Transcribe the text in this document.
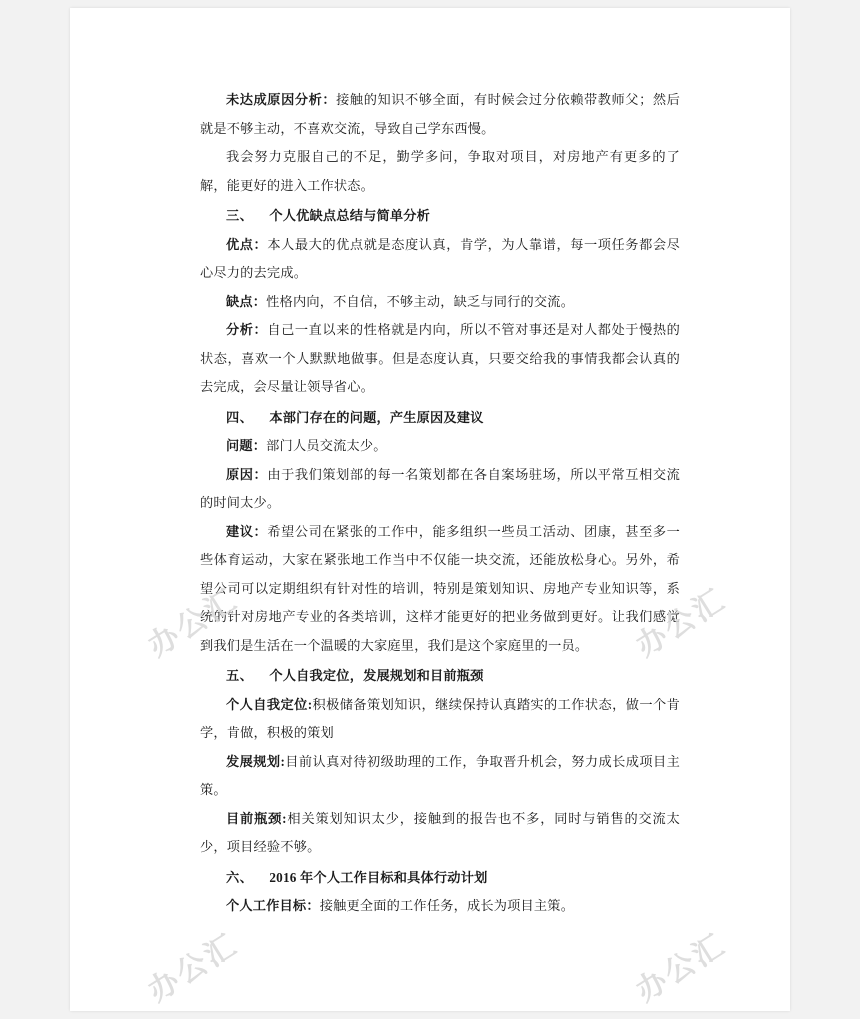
未达成原因分析：接触的知识不够全面，有时候会过分依赖带教师父；然后就是不够主动，不喜欢交流，导致自己学东西慢。

我会努力克服自己的不足，勤学多问，争取对项目，对房地产有更多的了解，能更好的进入工作状态。

三、 个人优缺点总结与简单分析

优点：本人最大的优点就是态度认真，肯学，为人靠谱，每一项任务都会尽心尽力的去完成。

缺点：性格内向，不自信，不够主动，缺乏与同行的交流。

分析：自己一直以来的性格就是内向，所以不管对事还是对人都处于慢热的状态，喜欢一个人默默地做事。但是态度认真，只要交给我的事情我都会认真的去完成，会尽量让领导省心。

四、 本部门存在的问题，产生原因及建议

问题：部门人员交流太少。

原因：由于我们策划部的每一名策划都在各自案场驻场，所以平常互相交流的时间太少。

建议：希望公司在紧张的工作中，能多组织一些员工活动、团康，甚至多一些体育运动，大家在紧张地工作当中不仅能一块交流，还能放松身心。另外，希望公司可以定期组织有针对性的培训，特别是策划知识、房地产专业知识等，系统的针对房地产专业的各类培训，这样才能更好的把业务做到更好。让我们感觉到我们是生活在一个温暖的大家庭里，我们是这个家庭里的一员。

五、 个人自我定位，发展规划和目前瓶颈

个人自我定位:积极储备策划知识，继续保持认真踏实的工作状态，做一个肯学，肯做，积极的策划

发展规划:目前认真对待初级助理的工作，争取晋升机会，努力成长成项目主策。

目前瓶颈:相关策划知识太少，接触到的报告也不多，同时与销售的交流太少，项目经验不够。

六、 2016 年个人工作目标和具体行动计划

个人工作目标：接触更全面的工作任务，成长为项目主策。

办公汇	办公汇
办公汇	办公汇
